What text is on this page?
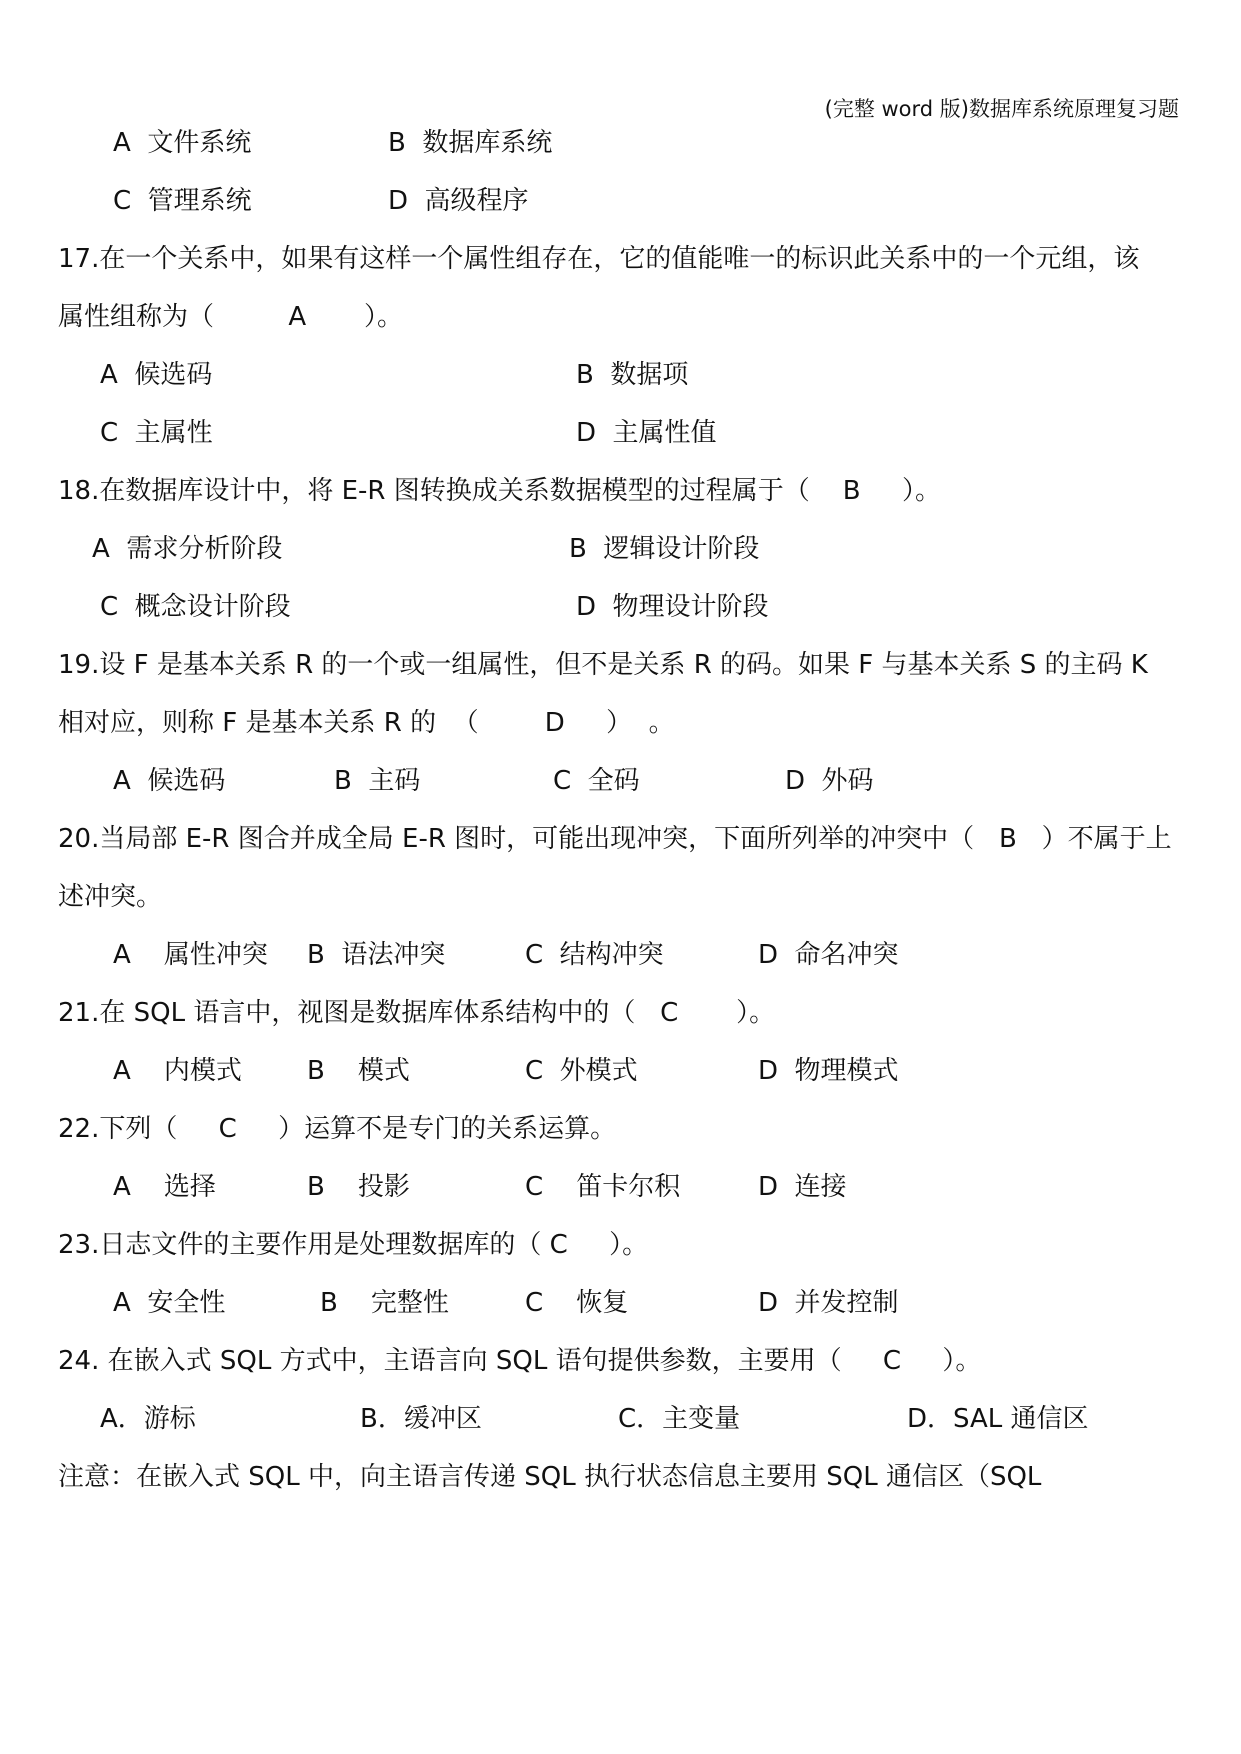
(完整 word 版)数据库系统原理复习题
A  文件系统	B  数据库系统
C  管理系统	D  高级程序
17.在一个关系中，如果有这样一个属性组存在，它的值能唯一的标识此关系中的一个元组，该
属性组称为（         A       ）。
A  候选码	B  数据项
C  主属性	D  主属性值
18.在数据库设计中，将 E-R 图转换成关系数据模型的过程属于（    B     ）。
A  需求分析阶段	B  逻辑设计阶段
C  概念设计阶段	D  物理设计阶段
19.设 F 是基本关系 R 的一个或一组属性，但不是关系 R 的码。如果 F 与基本关系 S 的主码 K
相对应，则称 F 是基本关系 R 的  （        D     ）  。
A  候选码	B  主码	C  全码	D  外码
20.当局部 E-R 图合并成全局 E-R 图时，可能出现冲突，下面所列举的冲突中（   B   ）不属于上
述冲突。
A    属性冲突 B  语法冲突	C  结构冲突	D  命名冲突
21.在 SQL 语言中，视图是数据库体系结构中的（   C       ）。
A    内模式	B    模式	C  外模式	D  物理模式
22.下列（     C     ）运算不是专门的关系运算。
A    选择	B    投影	C    笛卡尔积	D  连接
23.日志文件的主要作用是处理数据库的（ C     ）。
A  安全性	B    完整性	C    恢复	D  并发控制
24. 在嵌入式 SQL 方式中，主语言向 SQL 语句提供参数，主要用（     C     ）。
A．游标	B．缓冲区	C．主变量	D．SAL 通信区
注意：在嵌入式 SQL 中，向主语言传递 SQL 执行状态信息主要用 SQL 通信区（SQL
